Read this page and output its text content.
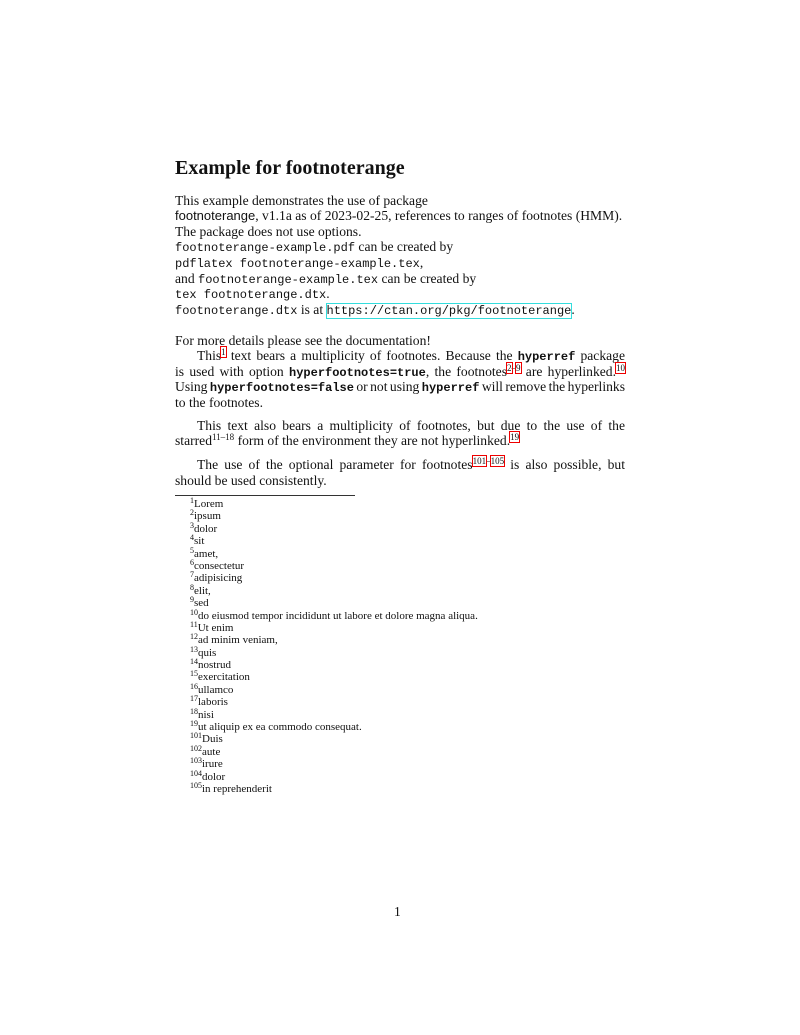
Example for footnoterange
This example demonstrates the use of package
footnoterange, v1.1a as of 2023-02-25, references to ranges of footnotes (HMM).
The package does not use options.
footnoterange-example.pdf can be created by
pdflatex footnoterange-example.tex,
and footnoterange-example.tex can be created by
tex footnoterange.dtx.
footnoterange.dtx is at https://ctan.org/pkg/footnoterange.
For more details please see the documentation!
This$^1$ text bears a multiplicity of footnotes. Because the hyperref package
is used with option hyperfootnotes=true, the footnotes$^{2-9}$ are hyperlinked.$^{10}$
Using hyperfootnotes=false or not using hyperref will remove the hyperlinks
to the footnotes.
This text also bears a multiplicity of footnotes, but due to the use of the
starred$^{11-18}$ form of the environment they are not hyperlinked.$^{19}$
The use of the optional parameter for footnotes$^{101-105}$ is also possible, but
should be used consistently.
$^1$Lorem
$^2$ipsum
$^3$dolor
$^4$sit
$^5$amet,
$^6$consectetur
$^7$adipisicing
$^8$elit,
$^9$sed
$^{10}$do eiusmod tempor incididunt ut labore et dolore magna aliqua.
$^{11}$Ut enim
$^{12}$ad minim veniam,
$^{13}$quis
$^{14}$nostrud
$^{15}$exercitation
$^{16}$ullamco
$^{17}$laboris
$^{18}$nisi
$^{19}$ut aliquip ex ea commodo consequat.
$^{101}$Duis
$^{102}$aute
$^{103}$irure
$^{104}$dolor
$^{105}$in reprehenderit
1
